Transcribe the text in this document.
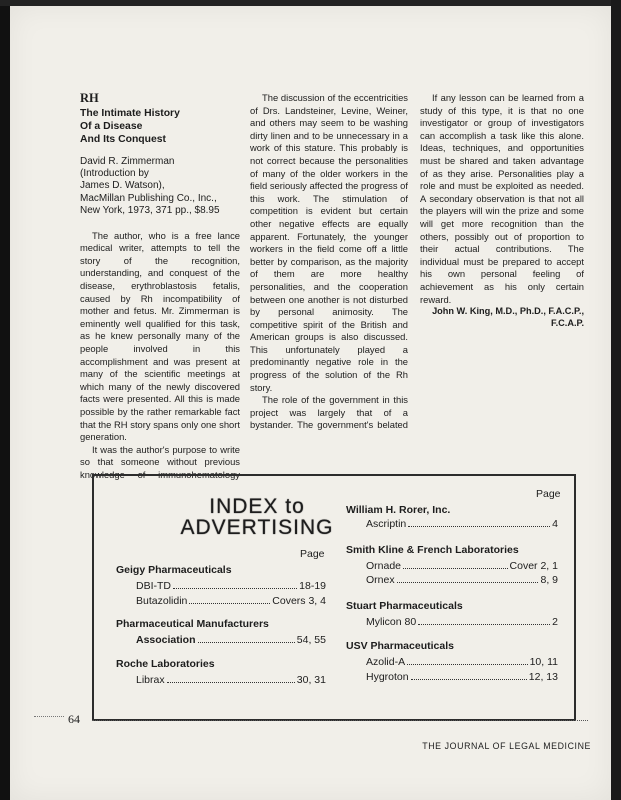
RH
The Intimate History
Of a Disease
And Its Conquest
David R. Zimmerman
(Introduction by
James D. Watson),
MacMillan Publishing Co., Inc.,
New York, 1973, 371 pp., $8.95

The author, who is a free lance medical writer, attempts to tell the story of the recognition, understanding, and conquest of the disease, erythroblastosis fetalis, caused by Rh incompatibility of mother and fetus. Mr. Zimmerman is eminently well qualified for this task, as he knew personally many of the people involved in this accomplishment and was present at many of the scientific meetings at which many of the newly discovered facts were presented. All this is made possible by the rather remarkable fact that the RH story spans only one short generation.

It was the author's purpose to write so that someone without previous knowledge of immunohematology

The discussion of the eccentricities of Drs. Landsteiner, Levine, Weiner, and others may seem to be washing dirty linen and to be unnecessary in a work of this stature. This probably is not correct because the personalities of many of the older workers in the field seriously affected the progress of this work. The stimulation of competition is evident but certain other negative effects are equally apparent. Fortunately, the younger workers in the field come off a little better by comparison, as the majority of them are more healthy personalities, and the cooperation between one another is not disturbed by personal animosity. The competitive spirit of the British and American groups is also discussed. This unfortunately played a predominantly negative role in the progress of the solution of the Rh story.

The role of the government in this project was largely that of a bystander. The government's belated

If any lesson can be learned from a study of this type, it is that no one investigator or group of investigators can accomplish a task like this alone. Ideas, techniques, and opportunities must be shared and taken advantage of as they arise. Personalities play a role and must be exploited as needed. A secondary observation is that not all the players will win the prize and some will get more recognition than the others, possibly out of proportion to their actual contributions. The individual must be prepared to accept his own personal feeling of achievement as his only certain reward.

John W. King, M.D., Ph.D., F.A.C.P.,
F.C.A.P.
INDEX to
ADVERTISING
Page
Page
Geigy Pharmaceuticals
DBI-TD	18-19
Butazolidin	Covers 3, 4
Pharmaceutical Manufacturers
Association	54, 55
Roche Laboratories
Librax	30, 31
William H. Rorer, Inc.
Ascriptin	4
Smith Kline & French Laboratories
Ornade	Cover 2, 1
Ornex	8, 9
Stuart Pharmaceuticals
Mylicon 80	2
USV Pharmaceuticals
Azolid-A	10, 11
Hygroton	12, 13
64
THE JOURNAL OF LEGAL MEDICINE
